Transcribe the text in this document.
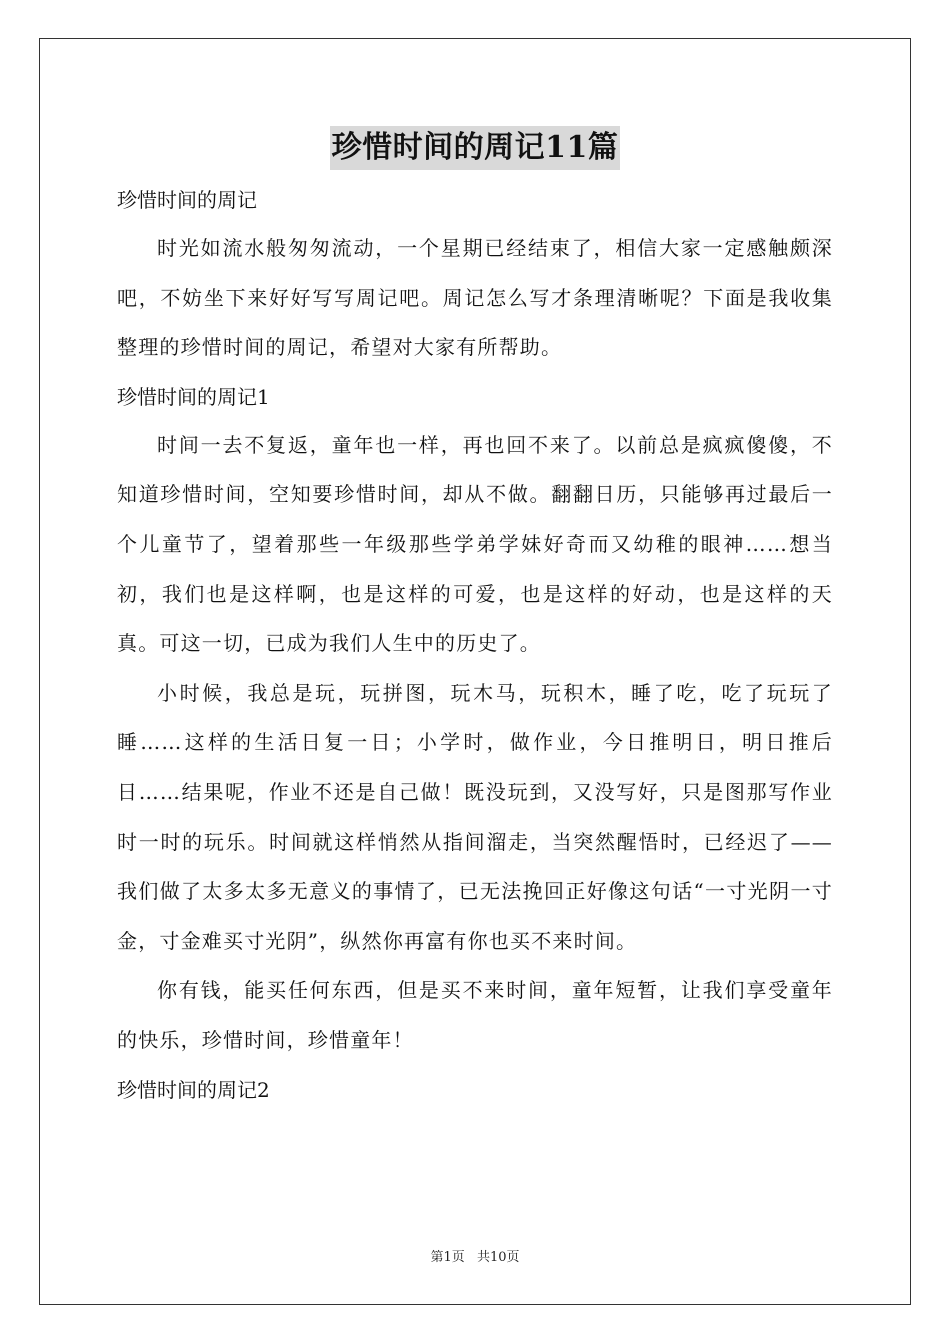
珍惜时间的周记11篇

珍惜时间的周记

时光如流水般匆匆流动，一个星期已经结束了，相信大家一定感触颇深吧，不妨坐下来好好写写周记吧。周记怎么写才条理清晰呢？下面是我收集整理的珍惜时间的周记，希望对大家有所帮助。

珍惜时间的周记1

时间一去不复返，童年也一样，再也回不来了。以前总是疯疯傻傻，不知道珍惜时间，空知要珍惜时间，却从不做。翻翻日历，只能够再过最后一个儿童节了，望着那些一年级那些学弟学妹好奇而又幼稚的眼神……想当初，我们也是这样啊，也是这样的可爱，也是这样的好动，也是这样的天真。可这一切，已成为我们人生中的历史了。

小时候，我总是玩，玩拼图，玩木马，玩积木，睡了吃，吃了玩玩了睡……这样的生活日复一日；小学时，做作业，今日推明日，明日推后日……结果呢，作业不还是自己做！既没玩到，又没写好，只是图那写作业时一时的玩乐。时间就这样悄然从指间溜走，当突然醒悟时，已经迟了——我们做了太多太多无意义的事情了，已无法挽回正好像这句话“一寸光阴一寸金，寸金难买寸光阴”，纵然你再富有你也买不来时间。

你有钱，能买任何东西，但是买不来时间，童年短暂，让我们享受童年的快乐，珍惜时间，珍惜童年！

珍惜时间的周记2

第1页 共10页
